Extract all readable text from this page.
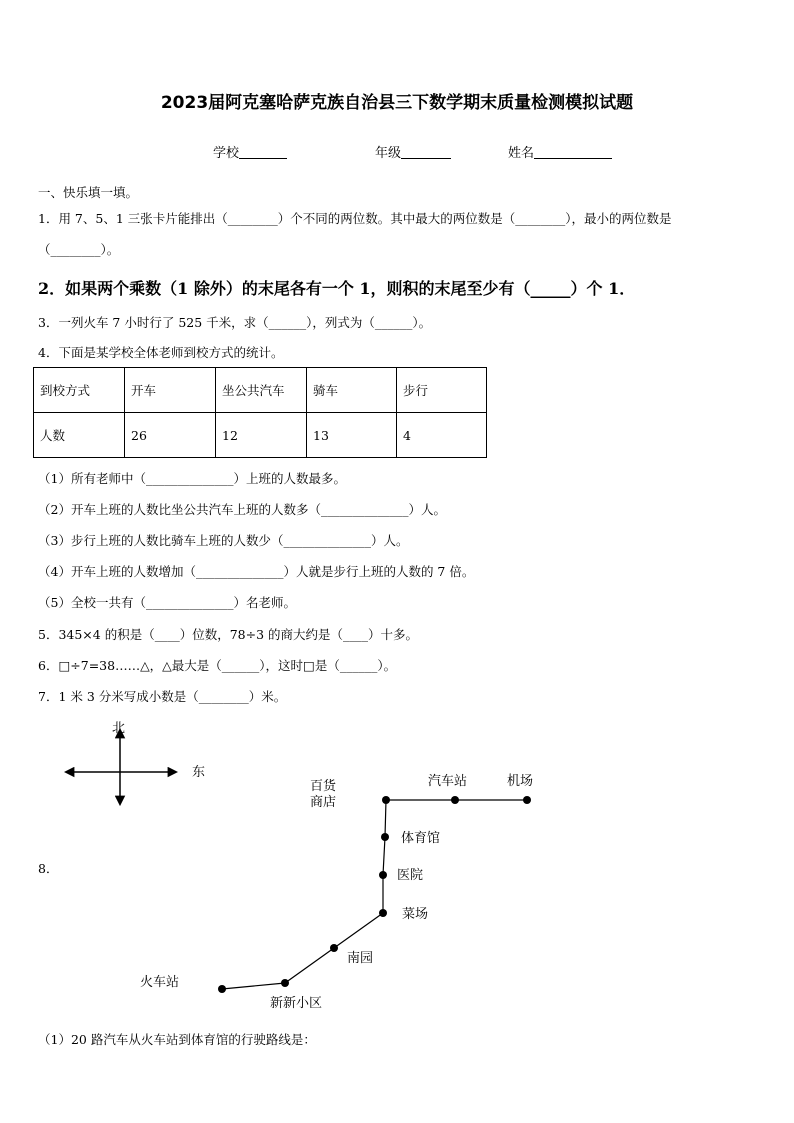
2023届阿克塞哈萨克族自治县三下数学期末质量检测模拟试题
学校	年级	姓名
一、快乐填一填。
1．用 7、5、1 三张卡片能排出（________）个不同的两位数。其中最大的两位数是（________），最小的两位数是
（________）。
2．如果两个乘数（1 除外）的末尾各有一个 1，则积的末尾至少有（_____）个 1．
3．一列火车 7 小时行了 525 千米，求（______），列式为（______）。
4．下面是某学校全体老师到校方式的统计。
到校方式	开车	坐公共汽车	骑车	步行
人数	26	12	13	4
（1）所有老师中（______________）上班的人数最多。
（2）开车上班的人数比坐公共汽车上班的人数多（______________）人。
（3）步行上班的人数比骑车上班的人数少（______________）人。
（4）开车上班的人数增加（______________）人就是步行上班的人数的 7 倍。
（5）全校一共有（______________）名老师。
5．345×4 的积是（____）位数，78÷3 的商大约是（____）十多。
6．□÷7=38……△，△最大是（______），这时□是（______）。
7．1 米 3 分米写成小数是（________）米。
8．
北
东
百货
商店
汽车站	机场
体育馆
医院
菜场
南园
火车站
新新小区
（1）20 路汽车从火车站到体育馆的行驶路线是：
